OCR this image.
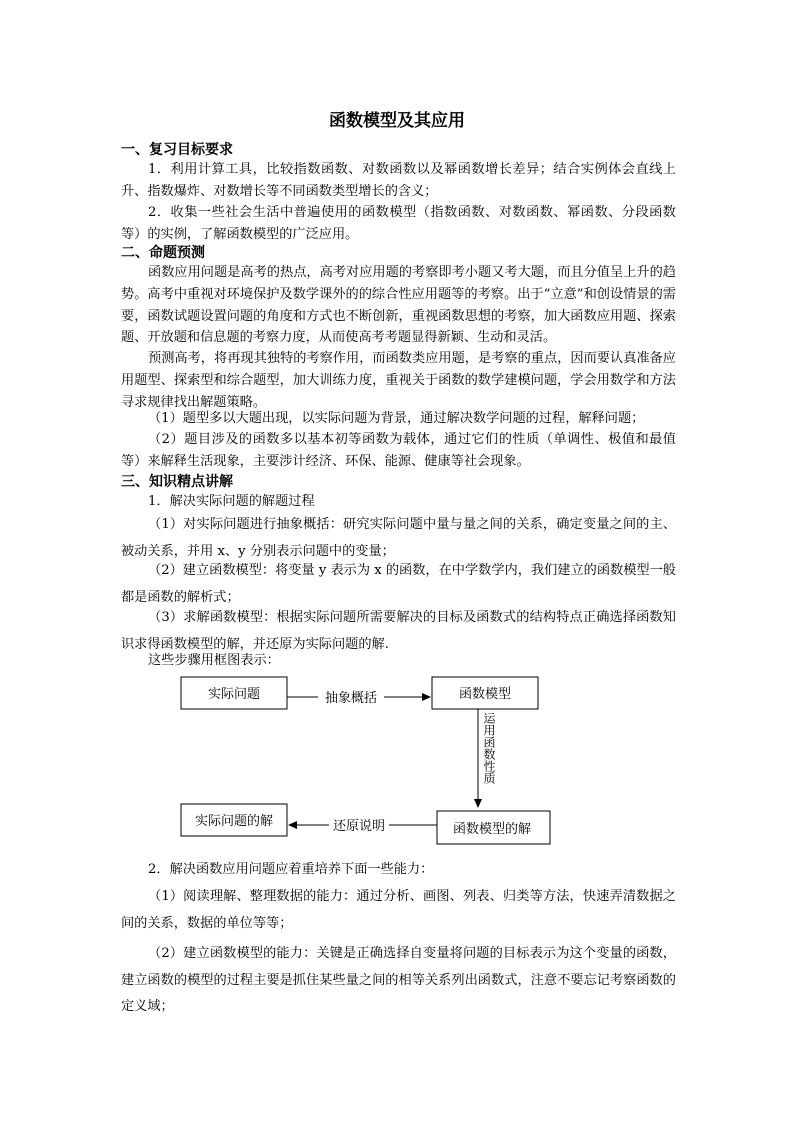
函数模型及其应用
一、复习目标要求
1．利用计算工具，比较指数函数、对数函数以及幂函数增长差异；结合实例体会直线上升、指数爆炸、对数增长等不同函数类型增长的含义；
2．收集一些社会生活中普遍使用的函数模型（指数函数、对数函数、幂函数、分段函数等）的实例，了解函数模型的广泛应用。
二、命题预测
函数应用问题是高考的热点，高考对应用题的考察即考小题又考大题，而且分值呈上升的趋势。高考中重视对环境保护及数学课外的的综合性应用题等的考察。出于“立意”和创设情景的需要，函数试题设置问题的角度和方式也不断创新，重视函数思想的考察，加大函数应用题、探索题、开放题和信息题的考察力度，从而使高考考题显得新颖、生动和灵活。
预测高考，将再现其独特的考察作用，而函数类应用题，是考察的重点，因而要认真准备应用题型、探索型和综合题型，加大训练力度，重视关于函数的数学建模问题，学会用数学和方法寻求规律找出解题策略。
（1）题型多以大题出现，以实际问题为背景，通过解决数学问题的过程，解释问题；
（2）题目涉及的函数多以基本初等函数为载体，通过它们的性质（单调性、极值和最值等）来解释生活现象，主要涉计经济、环保、能源、健康等社会现象。
三、知识精点讲解
1．解决实际问题的解题过程
（1）对实际问题进行抽象概括：研究实际问题中量与量之间的关系，确定变量之间的主、被动关系，并用 x、y 分别表示问题中的变量；
（2）建立函数模型：将变量 y 表示为 x 的函数，在中学数学内，我们建立的函数模型一般都是函数的解析式；
（3）求解函数模型：根据实际问题所需要解决的目标及函数式的结构特点正确选择函数知识求得函数模型的解，并还原为实际问题的解.
这些步骤用框图表示：
实际问题	函数模型
实际问题的解
函数模型的解
抽象概括
还原说明
运用函数性质
2．解决函数应用问题应着重培养下面一些能力：
（1）阅读理解、整理数据的能力：通过分析、画图、列表、归类等方法，快速弄清数据之间的关系，数据的单位等等；
（2）建立函数模型的能力：关键是正确选择自变量将问题的目标表示为这个变量的函数，建立函数的模型的过程主要是抓住某些量之间的相等关系列出函数式，注意不要忘记考察函数的定义域；
